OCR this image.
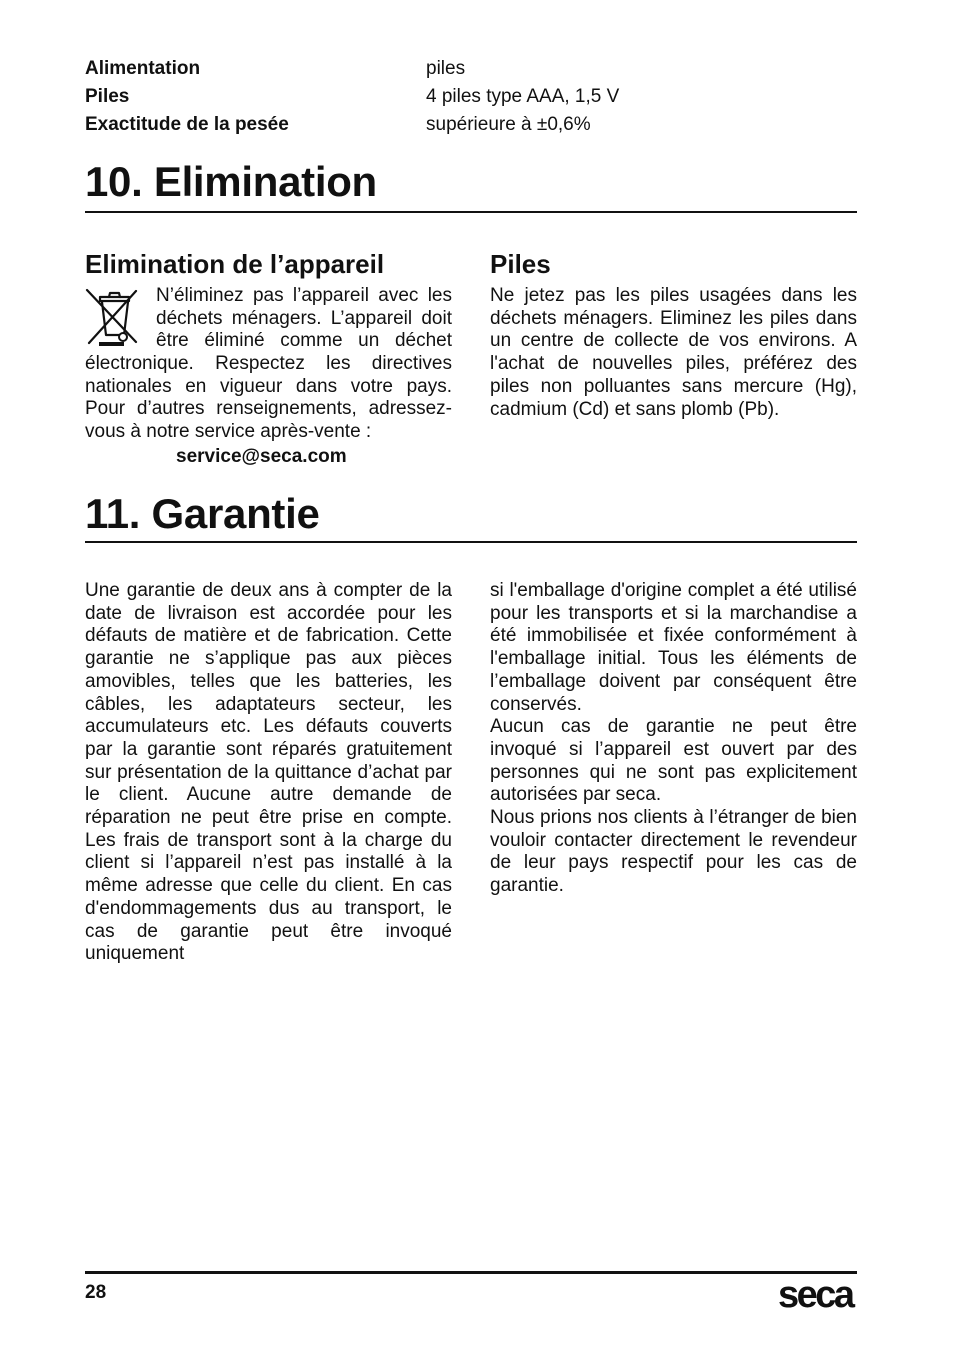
Alimentation	piles
Piles	4 piles type AAA, 1,5 V
Exactitude de la pesée	supérieure à ±0,6%
10. Elimination
Elimination de l’appareil
N’éliminez pas l’appareil avec les déchets ménagers. L’appareil doit être éliminé comme un déchet
électronique. Respectez les directives nationales en vigueur dans votre pays. Pour d’autres renseignements, adressez-vous à notre service après-vente :
service@seca.com
Piles
Ne jetez pas les piles usagées dans les déchets ménagers. Eliminez les piles dans un centre de collecte de vos environs. A l'achat de nouvelles piles, préférez des piles non polluantes sans mercure (Hg), cadmium (Cd) et sans plomb (Pb).
11. Garantie
Une garantie de deux ans à compter de la date de livraison est accordée pour les défauts de matière et de fabrication. Cette garantie ne s’applique pas aux pièces amovibles, telles que les batteries, les câbles, les adaptateurs secteur, les accumulateurs etc. Les défauts couverts par la garantie sont réparés gratuitement sur présentation de la quittance d’achat par le client. Aucune autre demande de réparation ne peut être prise en compte. Les frais de transport sont à la charge du client si l’appareil n’est pas installé à la même adresse que celle du client. En cas d'endommagements dus au transport, le cas de garantie peut être invoqué uniquement

si l'emballage d'origine complet a été utilisé pour les transports et si la marchandise a été immobilisée et fixée conformément à l'emballage initial. Tous les éléments de l’emballage doivent par conséquent être conservés.

Aucun cas de garantie ne peut être invoqué si l’appareil est ouvert par des personnes qui ne sont pas explicitement autorisées par seca.

Nous prions nos clients à l’étranger de bien vouloir contacter directement le revendeur de leur pays respectif pour les cas de garantie.

28	seca
